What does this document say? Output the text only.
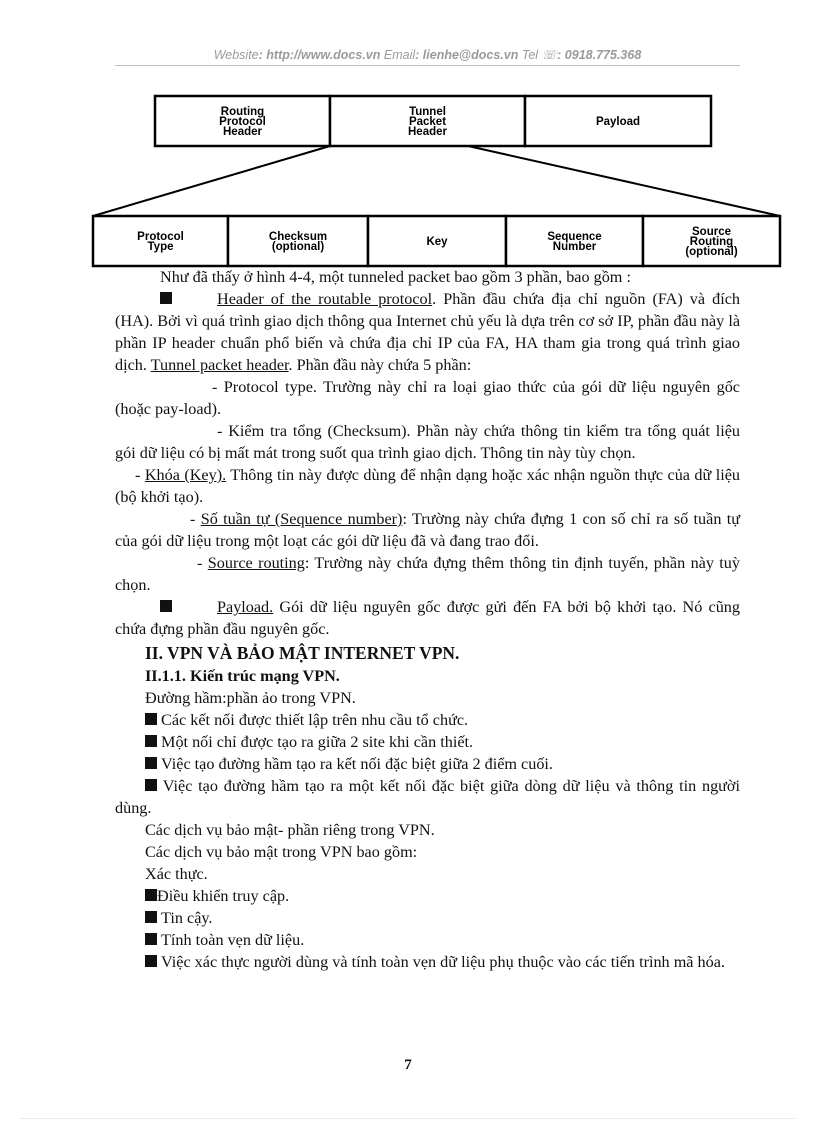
Website: http://www.docs.vn Email: lienhe@docs.vn Tel ☏: 0918.775.368
Routing
Protocol
Header
Tunnel
Packet
Header
Payload
Protocol
Type
Checksum
(optional)	Key	Sequence
Number
Source
Routing
(optional)

Như đã thấy ở hình 4-4, một tunneled packet bao gồm 3 phần, bao gồm :

Header of the routable protocol. Phần đầu chứa địa chỉ nguồn (FA) và đích (HA). Bởi vì quá trình giao dịch thông qua Internet chủ yếu là dựa trên cơ sở IP, phần đầu này là phần IP header chuẩn phổ biến và chứa địa chỉ IP của FA, HA tham gia trong quá trình giao dịch. Tunnel packet header. Phần đầu này chứa 5 phần:

- Protocol type. Trường này chỉ ra loại giao thức của gói dữ liệu nguyên gốc (hoặc pay-load).

- Kiểm tra tổng (Checksum). Phần này chứa thông tin kiểm tra tổng quát liệu gói dữ liệu có bị mất mát trong suốt qua trình giao dịch. Thông tin này tùy chọn.

- Khóa (Key). Thông tin này được dùng để nhận dạng hoặc xác nhận nguồn thực của dữ liệu (bộ khởi tạo).

- Số tuần tự (Sequence number): Trường này chứa đựng 1 con số chỉ ra số tuần tự của gói dữ liệu trong một loạt các gói dữ liệu đã và đang trao đổi.

- Source routing: Trường này chứa đựng thêm thông tin định tuyến, phần này tuỳ chọn.

Payload. Gói dữ liệu nguyên gốc được gửi đến FA bởi bộ khởi tạo. Nó cũng chứa đựng phần đầu nguyên gốc.

II. VPN VÀ BẢO MẬT INTERNET VPN.

II.1.1. Kiến trúc mạng VPN.

Đường hầm:phần ảo trong VPN.

Các kết nối được thiết lập trên nhu cầu tổ chức.

Một nối chỉ được tạo ra giữa 2 site khi cần thiết.

Việc tạo đường hầm tạo ra kết nối đặc biệt giữa 2 điểm cuối.

Việc tạo đường hầm tạo ra một kết nối đặc biệt giữa dòng dữ liệu và thông tin người dùng.

Các dịch vụ bảo mật- phần riêng trong VPN.

Các dịch vụ bảo mật trong VPN bao gồm:

Xác thực.

Điều khiển truy cập.

Tin cậy.

Tính toàn vẹn dữ liệu.

Việc xác thực người dùng và tính toàn vẹn dữ liệu phụ thuộc vào các tiến trình mã hóa.

7
